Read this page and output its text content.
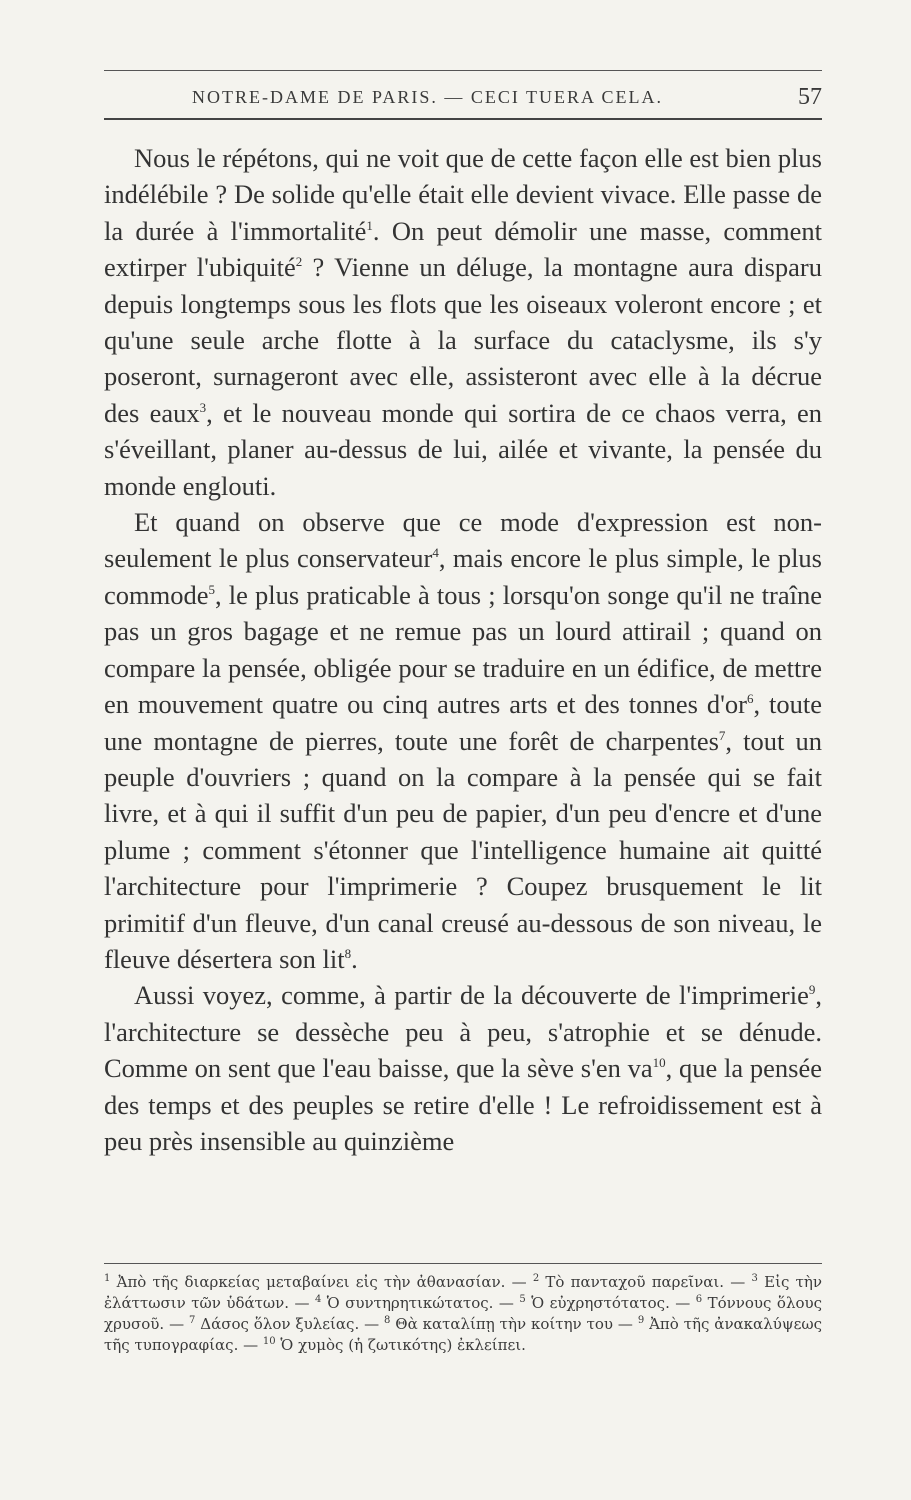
NOTRE-DAME DE PARIS. — CECI TUERA CELA.	57

Nous le répétons, qui ne voit que de cette façon elle est bien plus indélébile ? De solide qu'elle était elle devient vivace. Elle passe de la durée à l'immortalité$^1$. On peut démolir une masse, comment extirper l'ubiquité$^2$ ? Vienne un déluge, la montagne aura disparu depuis longtemps sous les flots que les oiseaux voleront encore ; et qu'une seule arche flotte à la surface du cataclysme, ils s'y poseront, surnageront avec elle, assisteront avec elle à la décrue des eaux$^3$, et le nouveau monde qui sortira de ce chaos verra, en s'éveillant, planer au-dessus de lui, ailée et vivante, la pensée du monde englouti.

Et quand on observe que ce mode d'expression est non-seulement le plus conservateur$^4$, mais encore le plus simple, le plus commode$^5$, le plus praticable à tous ; lorsqu'on songe qu'il ne traîne pas un gros bagage et ne remue pas un lourd attirail ; quand on compare la pensée, obligée pour se traduire en un édifice, de mettre en mouvement quatre ou cinq autres arts et des tonnes $d'or^6$, toute une montagne de pierres, toute une forêt de charpentes$^7$, tout un peuple d'ouvriers ; quand on la compare à la pensée qui se fait livre, et à qui il suffit d'un peu de papier, d'un peu d'encre et d'une plume ; comment s'étonner que l'intelligence humaine ait quitté l'architecture pour l'imprimerie ? Coupez brusquement le lit primitif d'un fleuve, d'un canal creusé au-dessous de son niveau, le fleuve désertera son lit$^8$.

Aussi voyez, comme, à partir de la découverte de l'imprimerie$^9$, l'architecture se dessèche peu à peu, s'atrophie et se dénude. Comme on sent que l'eau baisse, que la sève s'en $va^{10}$, que la pensée des temps et des peuples se retire d'elle ! Le refroidissement est à peu près insensible au quinzième

$^1$ Ἀπὸ τῆς διαρκείας μεταβαίνει εἰς τὴν ἀθανασίαν. — $^2$ Τὸ πανταχοῦ παρεῖναι. — $^3$ Εἰς τὴν ἐλάττωσιν τῶν ὑδάτων. — $^4$ Ὁ συντηρητικώτατος. — $^5$ Ὁ εὐχρηστότατος. — $^6$ Τόννους ὅλους χρυσοῦ. — $^7$ Δάσος ὅλον ξυλείας. — $^8$ Θὰ καταλίπῃ τὴν κοίτην του — $^9$ Ἀπὸ τῆς ἀνακαλύψεως τῆς τυπογραφίας. — $^{10}$ Ὁ χυμὸς (ἡ ζωτικότης) ἐκλείπει.
